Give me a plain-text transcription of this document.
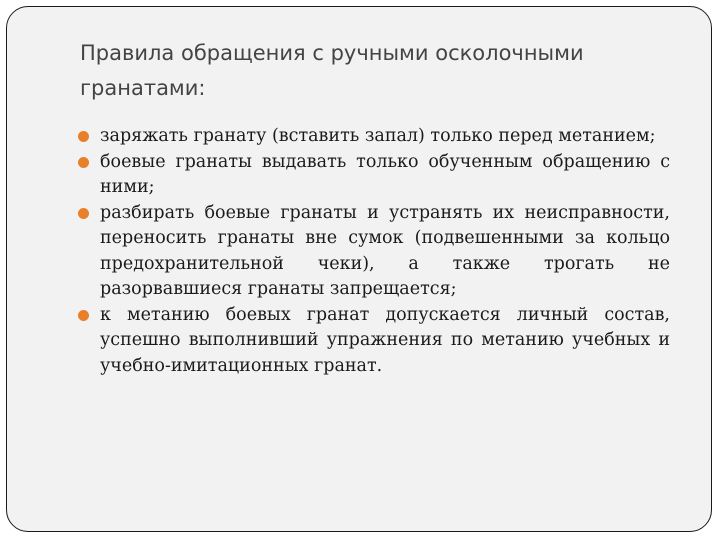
Правила обращения с ручными осколочными гранатами:
заряжать гранату (вставить запал) только перед метанием;
боевые гранаты выдавать только обученным обращению с ними;
разбирать боевые гранаты и устранять их неисправности, переносить гранаты вне сумок (подвешенными за кольцо предохранительной чеки), а также трогать не разорвавшиеся гранаты запрещается;
к метанию боевых гранат допускается личный состав, успешно выполнивший упражнения по метанию учебных и учебно-имитационных гранат.
